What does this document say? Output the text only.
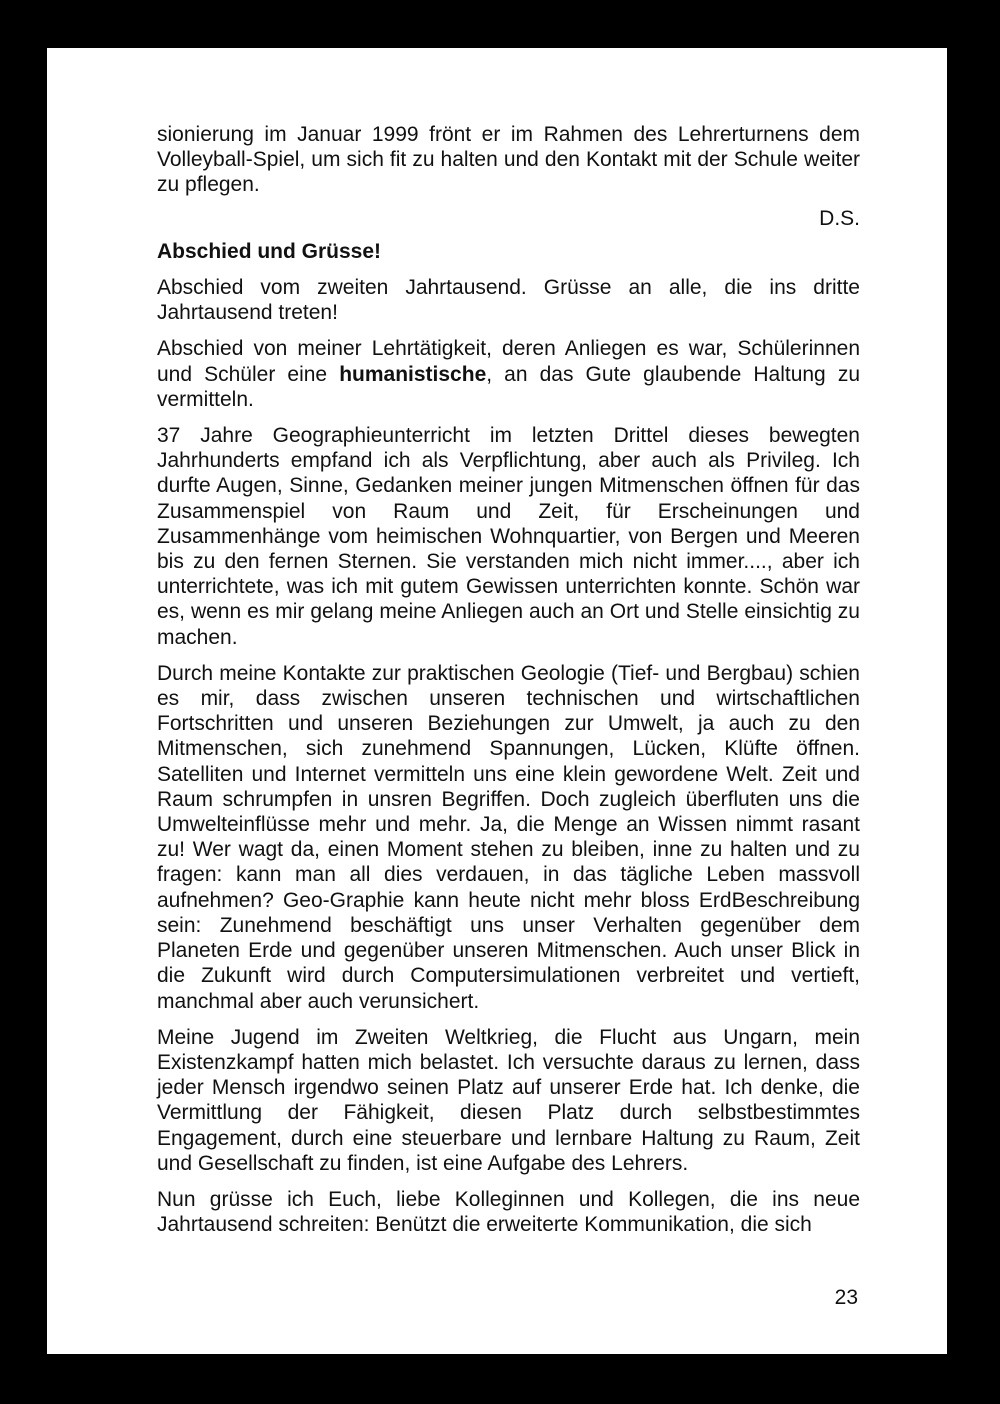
sionierung im Januar 1999 frönt er im Rahmen des Lehrerturnens dem Volleyball-Spiel, um sich fit zu halten und den Kontakt mit der Schule weiter zu pflegen.

D.S.
Abschied und Grüsse!

Abschied vom zweiten Jahrtausend. Grüsse an alle, die ins dritte Jahrtausend treten!

Abschied von meiner Lehrtätigkeit, deren Anliegen es war, Schülerinnen und Schüler eine humanistische, an das Gute glaubende Haltung zu vermitteln.

37 Jahre Geographieunterricht im letzten Drittel dieses bewegten Jahrhunderts empfand ich als Verpflichtung, aber auch als Privileg. Ich durfte Augen, Sinne, Gedanken meiner jungen Mitmenschen öffnen für das Zusammenspiel von Raum und Zeit, für Erscheinungen und Zusammenhänge vom heimischen Wohnquartier, von Bergen und Meeren bis zu den fernen Sternen. Sie verstanden mich nicht immer...., aber ich unterrichtete, was ich mit gutem Gewissen unterrichten konnte. Schön war es, wenn es mir gelang meine Anliegen auch an Ort und Stelle einsichtig zu machen.

Durch meine Kontakte zur praktischen Geologie (Tief- und Bergbau) schien es mir, dass zwischen unseren technischen und wirtschaftlichen Fortschritten und unseren Beziehungen zur Umwelt, ja auch zu den Mitmenschen, sich zunehmend Spannungen, Lücken, Klüfte öffnen. Satelliten und Internet vermitteln uns eine klein gewordene Welt. Zeit und Raum schrumpfen in unsren Begriffen. Doch zugleich überfluten uns die Umwelteinflüsse mehr und mehr. Ja, die Menge an Wissen nimmt rasant zu! Wer wagt da, einen Moment stehen zu bleiben, inne zu halten und zu fragen: kann man all dies verdauen, in das tägliche Leben massvoll aufnehmen? Geo-Graphie kann heute nicht mehr bloss ErdBeschreibung sein: Zunehmend beschäftigt uns unser Verhalten gegenüber dem Planeten Erde und gegenüber unseren Mitmenschen. Auch unser Blick in die Zukunft wird durch Computersimulationen verbreitet und vertieft, manchmal aber auch verunsichert.

Meine Jugend im Zweiten Weltkrieg, die Flucht aus Ungarn, mein Existenzkampf hatten mich belastet. Ich versuchte daraus zu lernen, dass jeder Mensch irgendwo seinen Platz auf unserer Erde hat. Ich denke, die Vermittlung der Fähigkeit, diesen Platz durch selbstbestimmtes Engagement, durch eine steuerbare und lernbare Haltung zu Raum, Zeit und Gesellschaft zu finden, ist eine Aufgabe des Lehrers.

Nun grüsse ich Euch, liebe Kolleginnen und Kollegen, die ins neue Jahrtausend schreiten: Benützt die erweiterte Kommunikation, die sich

23
